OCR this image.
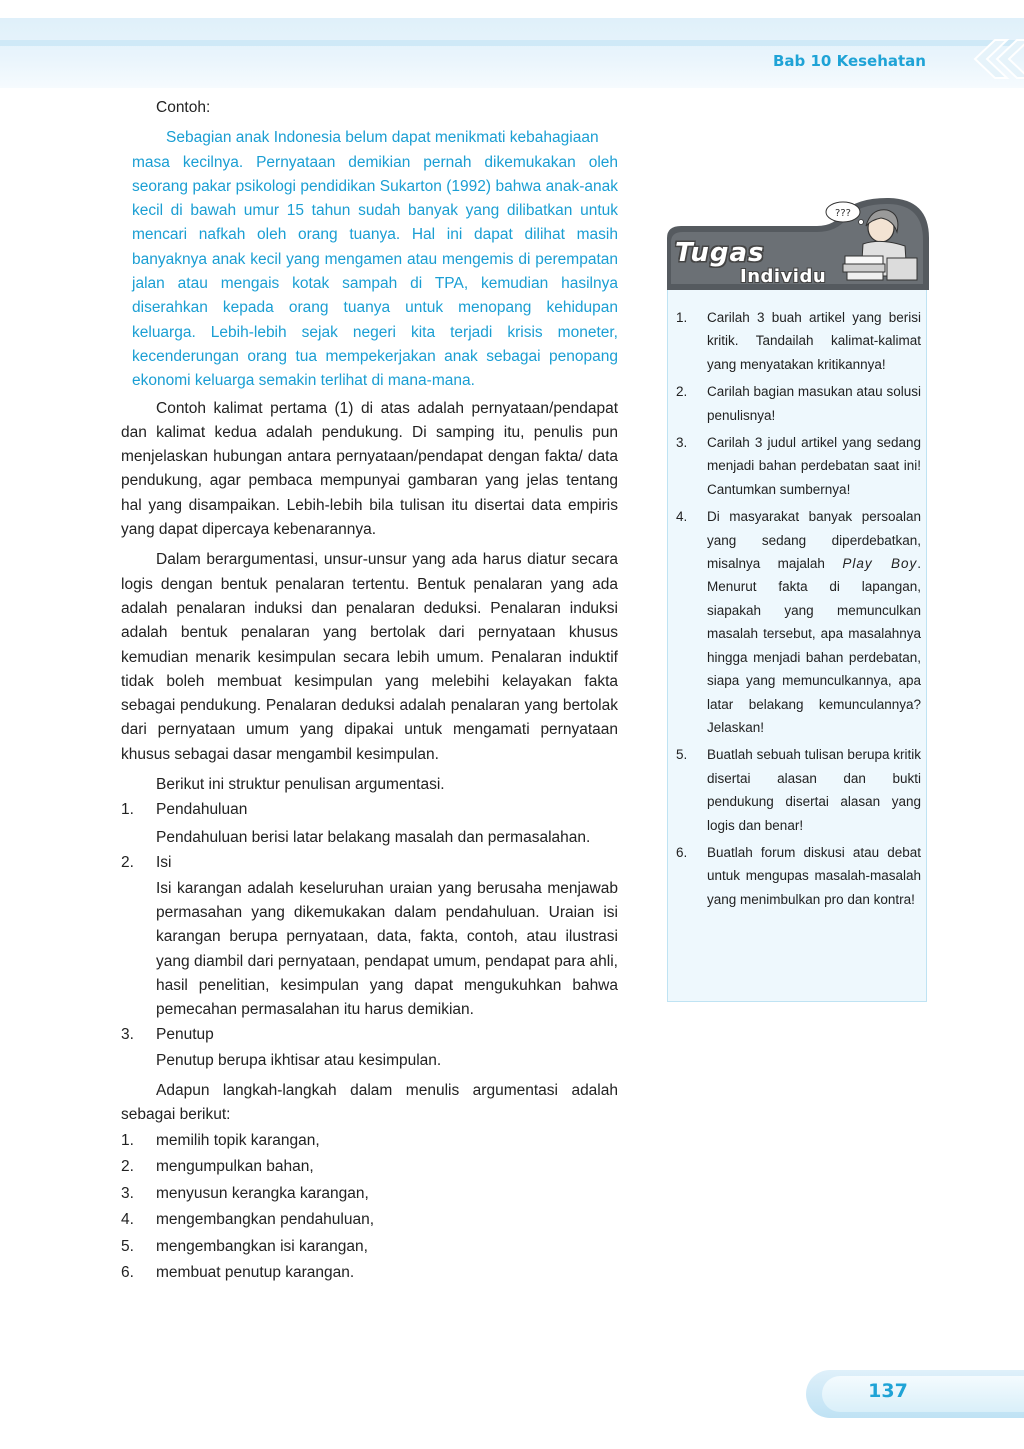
Bab 10 Kesehatan

Contoh:

Sebagian anak Indonesia belum dapat menikmati kebahagiaan
masa kecilnya. Pernyataan demikian pernah dikemukakan oleh seorang pakar psikologi pendidikan Sukarton (1992) bahwa anak-anak kecil di bawah umur 15 tahun sudah banyak yang dilibatkan untuk mencari nafkah oleh orang tuanya. Hal ini dapat dilihat masih banyaknya anak kecil yang mengamen atau mengemis di perempatan jalan atau mengais kotak sampah di TPA, kemudian hasilnya diserahkan kepada orang tuanya untuk menopang kehidupan keluarga. Lebih-lebih sejak negeri kita terjadi krisis moneter, kecenderungan orang tua mempekerjakan anak sebagai penopang ekonomi keluarga semakin terlihat di mana-mana.

Contoh kalimat pertama (1) di atas adalah pernyataan/pendapat dan kalimat kedua adalah pendukung. Di samping itu, penulis pun menjelaskan hubungan antara pernyataan/pendapat dengan fakta/ data pendukung, agar pembaca mempunyai gambaran yang jelas tentang hal yang disampaikan. Lebih-lebih bila tulisan itu disertai data empiris yang dapat dipercaya kebenarannya.

Dalam berargumentasi, unsur-unsur yang ada harus diatur secara logis dengan bentuk penalaran tertentu. Bentuk penalaran yang ada adalah penalaran induksi dan penalaran deduksi. Penalaran induksi adalah bentuk penalaran yang bertolak dari pernyataan khusus kemudian menarik kesimpulan secara lebih umum. Penalaran induktif tidak boleh membuat kesimpulan yang melebihi kelayakan fakta sebagai pendukung. Penalaran deduksi adalah penalaran yang bertolak dari pernyataan umum yang dipakai untuk mengamati pernyataan khusus sebagai dasar mengambil kesimpulan.

Berikut ini struktur penulisan argumentasi.

1.	Pendahuluan
Pendahuluan berisi latar belakang masalah dan permasalahan.
2.	Isi
Isi karangan adalah keseluruhan uraian yang berusaha menjawab permasahan yang dikemukakan dalam pendahuluan. Uraian isi karangan berupa pernyataan, data, fakta, contoh, atau ilustrasi yang diambil dari pernyataan, pendapat umum, pendapat para ahli, hasil penelitian, kesimpulan yang dapat mengukuhkan bahwa pemecahan permasalahan itu harus demikian.
3.	Penutup
Penutup berupa ikhtisar atau kesimpulan.

Adapun langkah-langkah dalam menulis argumentasi adalah sebagai berikut:

1.	memilih topik karangan,
2.	mengumpulkan bahan,
3.	menyusun kerangka karangan,
4.	mengembangkan pendahuluan,
5.	mengembangkan isi karangan,
6.	membuat penutup karangan.
???
Tugas
Individu
1.	Carilah 3 buah artikel yang berisi kritik. Tandailah kalimat-kalimat yang menyatakan kritikannya!
2.	Carilah bagian masukan atau solusi penulisnya!
3.	Carilah 3 judul artikel yang sedang menjadi bahan perdebatan saat ini! Cantumkan sumbernya!
4.	Di masyarakat banyak persoalan yang sedang diperdebatkan, misalnya majalah Play Boy. Menurut fakta di lapangan, siapakah yang memunculkan masalah tersebut, apa masalahnya hingga menjadi bahan perdebatan, siapa yang memunculkannya, apa latar belakang kemunculannya? Jelaskan!
5.	Buatlah sebuah tulisan berupa kritik disertai alasan dan bukti pendukung disertai alasan yang logis dan benar!
6.	Buatlah forum diskusi atau debat untuk mengupas masalah-masalah yang menimbulkan pro dan kontra!
137
